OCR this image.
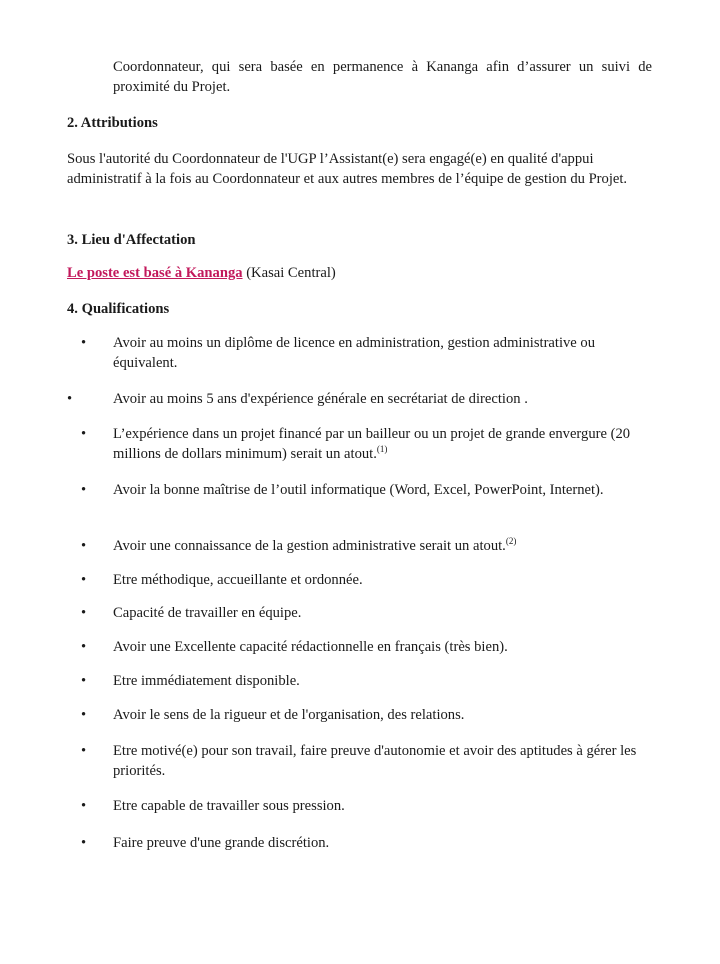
Coordonnateur, qui sera basée en permanence à Kananga afin d’assurer un suivi de proximité du Projet.
2. Attributions
Sous l'autorité du Coordonnateur de l'UGP l’Assistant(e) sera engagé(e) en qualité d'appui administratif à la fois au Coordonnateur et aux autres membres de l’équipe de gestion du Projet.
3. Lieu d'Affectation
Le poste est basé à Kananga (Kasai Central)
4. Qualifications
•	Avoir au moins un diplôme de licence en administration, gestion administrative ou équivalent.
•	Avoir au moins 5 ans d'expérience générale en secrétariat de direction .
•	L’expérience dans un projet financé par un bailleur ou un projet de grande envergure (20 millions de dollars minimum) serait un atout.$^{(1)}$
•	Avoir la bonne maîtrise de l’outil informatique (Word, Excel, PowerPoint, Internet).
•	Avoir une connaissance de la gestion administrative serait un atout.$^{(2)}$
•	Etre méthodique, accueillante et ordonnée.
•	Capacité de travailler en équipe.
•	Avoir une Excellente capacité rédactionnelle en français (très bien).
•	Etre immédiatement disponible.
•	Avoir le sens de la rigueur et de l'organisation, des relations.
•	Etre motivé(e) pour son travail, faire preuve d'autonomie et avoir des aptitudes à gérer les priorités.
•	Etre capable de travailler sous pression.
•	Faire preuve d'une grande discrétion.
